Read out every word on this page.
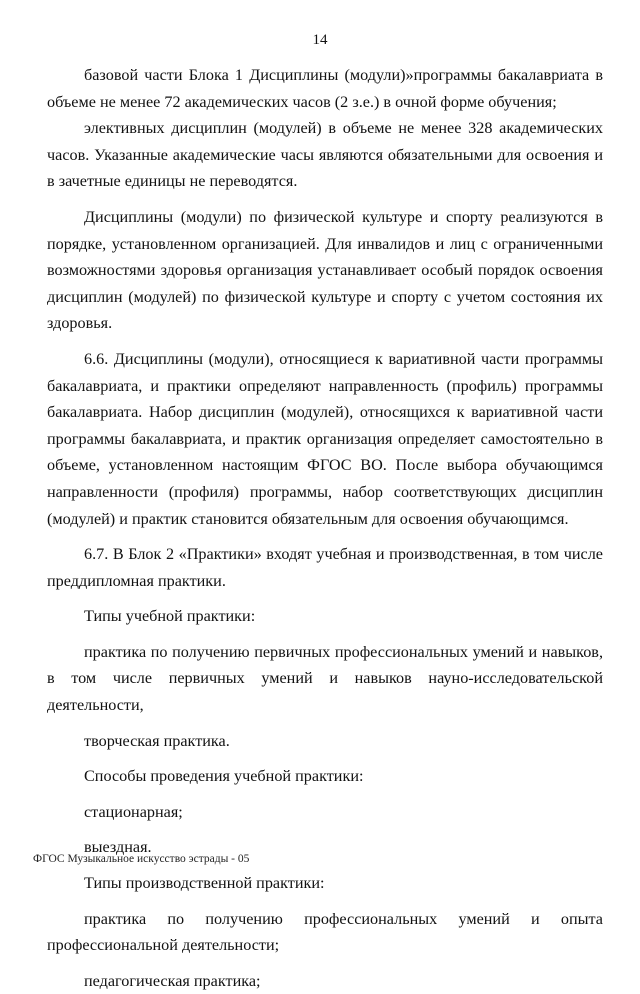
14

базовой части Блока 1 Дисциплины (модули)»программы бакалавриата в объеме не менее 72 академических часов (2 з.е.) в очной форме обучения;

элективных дисциплин (модулей) в объеме не менее 328 академических часов. Указанные академические часы являются обязательными для освоения и в зачетные единицы не переводятся.

Дисциплины (модули) по физической культуре и спорту реализуются в порядке, установленном организацией. Для инвалидов и лиц с ограниченными возможностями здоровья организация устанавливает особый порядок освоения дисциплин (модулей) по физической культуре и спорту с учетом состояния их здоровья.

6.6. Дисциплины (модули), относящиеся к вариативной части программы бакалавриата, и практики определяют направленность (профиль) программы бакалавриата. Набор дисциплин (модулей), относящихся к вариативной части программы бакалавриата, и практик организация определяет самостоятельно в объеме, установленном настоящим ФГОС ВО. После выбора обучающимся направленности (профиля) программы, набор соответствующих дисциплин (модулей) и практик становится обязательным для освоения обучающимся.

6.7. В Блок 2 «Практики» входят учебная и производственная, в том числе преддипломная практики.

Типы учебной практики:

практика по получению первичных профессиональных умений и навыков, в том числе первичных умений и навыков науно-исследовательской деятельности,

творческая практика.

Способы проведения учебной практики:

стационарная;

выездная.

Типы производственной практики:

практика по получению профессиональных умений и опыта профессиональной деятельности;

педагогическая практика;

ФГОС Музыкальное искусство эстрады - 05
